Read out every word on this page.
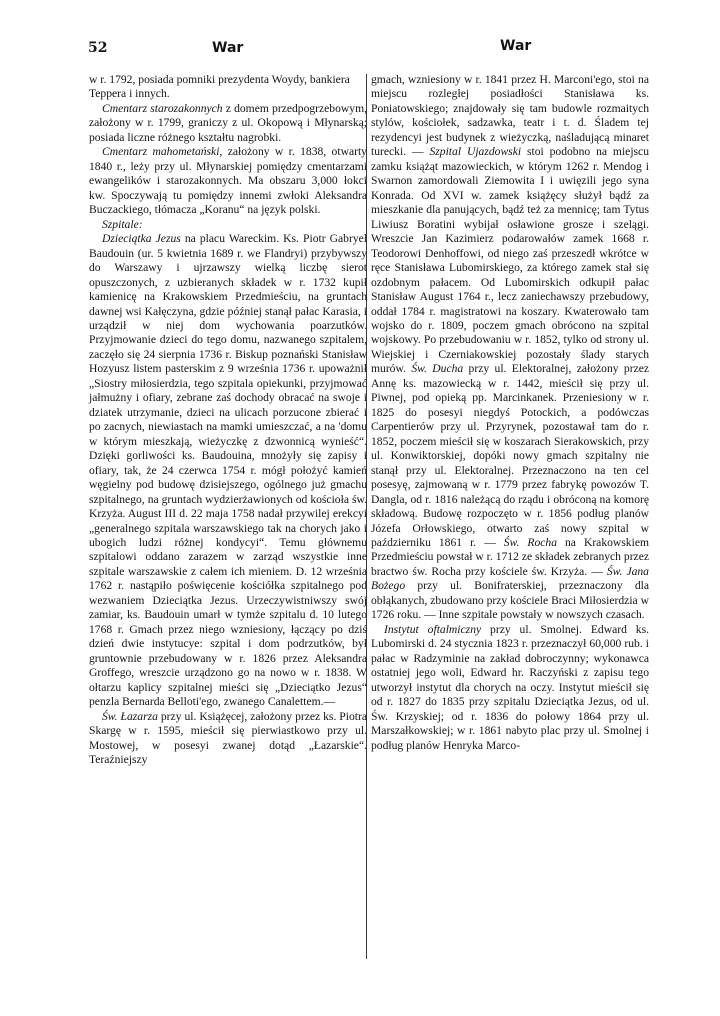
52	War	War

w r. 1792, posiada pomniki prezydenta Woydy, bankiera Teppera i innych.

Cmentarz starozakonnych z domem przedpogrzebowym, założony w r. 1799, graniczy z ul. Okopową i Młynarską; posiada liczne różnego kształtu nagrobki.

Cmentarz mahometański, założony w r. 1838, otwarty 1840 r., leży przy ul. Młynarskiej pomiędzy cmentarzami ewangelików i starozakonnych. Ma obszaru 3,000 łokci kw. Spoczywają tu pomiędzy innemi zwłoki Aleksandra Buczackiego, tłómacza „Koranu“ na język polski.

Szpitale:

Dzieciątka Jezus na placu Wareckim. Ks. Piotr Gabryel Baudouin (ur. 5 kwietnia 1689 r. we Flandryi) przybywszy do Warszawy i ujrzawszy wielką liczbę sierot opuszczonych, z uzbieranych składek w r. 1732 kupił kamienicę na Krakowskiem Przedmieściu, na gruntach dawnej wsi Kałęczyna, gdzie później stanął pałac Karasia, i urządził w niej dom wychowania poarzutków. Przyjmowanie dzieci do tego domu, nazwanego szpitalem, zaczęło się 24 sierpnia 1736 r. Biskup poznański Stanisław Hozyusz listem pasterskim z 9 września 1736 r. upoważnił „Siostry miłosierdzia, tego szpitala opiekunki, przyjmować jałmużny i ofiary, zebrane zaś dochody obracać na swoje i dziatek utrzymanie, dzieci na ulicach porzucone zbierać i po zacnych, niewiastach na mamki umieszczać, a na 'domu w którym mieszkają, wieżyczkę z dzwonnicą wynieść“. Dzięki gorliwości ks. Baudouina, mnożyły się zapisy i ofiary, tak, że 24 czerwca 1754 r. mógł położyć kamień węgielny pod budowę dzisiejszego, ogólnego już gmachu szpitalnego, na gruntach wydzierżawionych od kościoła św. Krzyża. August III d. 22 maja 1758 nadał przywilej erekcyi „generalnego szpitala warszawskiego tak na chorych jako i ubogich ludzi różnej kondycyi“. Temu głównemu szpitalowi oddano zarazem w zarząd wszystkie inne szpitale warszawskie z całem ich mieniem. D. 12 września 1762 r. nastąpiło poświęcenie kościółka szpitalnego pod wezwaniem Dzieciątka Jezus. Urzeczywistniwszy swój zamiar, ks. Baudouin umarł w tymże szpitalu d. 10 lutego 1768 r. Gmach przez niego wzniesiony, łączący po dziś dzień dwie instytucye: szpital i dom podrzutków, był gruntownie przebudowany w r. 1826 przez Aleksandra Groffego, wreszcie urządzono go na nowo w r. 1838. W ołtarzu kaplicy szpitalnej mieści się „Dzieciątko Jezus“ penzla Bernarda Belloti'ego, zwanego Canalettem.—

Św. Łazarza przy ul. Książęcej, założony przez ks. Piotra Skargę w r. 1595, mieścił się pierwiastkowo przy ul. Mostowej, w posesyi zwanej dotąd „Łazarskie“. Teraźniejszy

gmach, wzniesiony w r. 1841 przez H. Marconi'ego, stoi na miejscu rozległej posiadłości Stanisława ks. Poniatowskiego; znajdowały się tam budowle rozmaitych stylów, kościołek, sadzawka, teatr i t. d. Śladem tej rezydencyi jest budynek z wieżyczką, naśladującą minaret turecki. — Szpital Ujazdowski stoi podobno na miejscu zamku książąt mazowieckich, w którym 1262 r. Mendog i Swarnon zamordowali Ziemowita I i uwięzili jego syna Konrada. Od XVI w. zamek książęcy służył bądź za mieszkanie dla panujących, bądź też za mennicę; tam Tytus Liwiusz Boratini wybijał osławione grosze i szelągi. Wreszcie Jan Kazimierz podarowałów zamek 1668 r. Teodorowi Denhoffowi, od niego zaś przeszedł wkrótce w ręce Stanisława Lubomirskiego, za którego zamek stał się ozdobnym pałacem. Od Lubomirskich odkupił pałac Stanisław August 1764 r., lecz zaniechawszy przebudowy, oddał 1784 r. magistratowi na koszary. Kwaterowało tam wojsko do r. 1809, poczem gmach obrócono na szpital wojskowy. Po przebudowaniu w r. 1852, tylko od strony ul. Wiejskiej i Czerniakowskiej pozostały ślady starych murów. Św. Ducha przy ul. Elektoralnej, założony przez Annę ks. mazowiecką w r. 1442, mieścił się przy ul. Piwnej, pod opieką pp. Marcinkanek. Przeniesiony w r. 1825 do posesyi niegdyś Potockich, a podówczas Carpentierów przy ul. Przyrynek, pozostawał tam do r. 1852, poczem mieścił się w koszarach Sierakowskich, przy ul. Konwiktorskiej, dopóki nowy gmach szpitalny nie stanął przy ul. Elektoralnej. Przeznaczono na ten cel posesyę, zajmowaną w r. 1779 przez fabrykę powozów T. Dangla, od r. 1816 należącą do rządu i obróconą na komorę składową. Budowę rozpoczęto w r. 1856 podług planów Józefa Orłowskiego, otwarto zaś nowy szpital w październiku 1861 r. — Św. Rocha na Krakowskiem Przedmieściu powstał w r. 1712 ze składek zebranych przez bractwo św. Rocha przy kościele św. Krzyża. — Św. Jana Bożego przy ul. Bonifraterskiej, przeznaczony dla obłąkanych, zbudowano przy kościele Braci Miłosierdzia w 1726 roku. — Inne szpitale powstały w nowszych czasach.

Instytut oftalmiczny przy ul. Smolnej. Edward ks. Lubomirski d. 24 stycznia 1823 r. przeznaczył 60,000 rub. i pałac w Radzyminie na zakład dobroczynny; wykonawca ostatniej jego woli, Edward hr. Raczyński z zapisu tego utworzył instytut dla chorych na oczy. Instytut mieścił się od r. 1827 do 1835 przy szpitalu Dzieciątka Jezus, od ul. Św. Krzyskiej; od r. 1836 do połowy 1864 przy ul. Marszałkowskiej; w r. 1861 nabyto plac przy ul. Smolnej i podług planów Henryka Marco-
